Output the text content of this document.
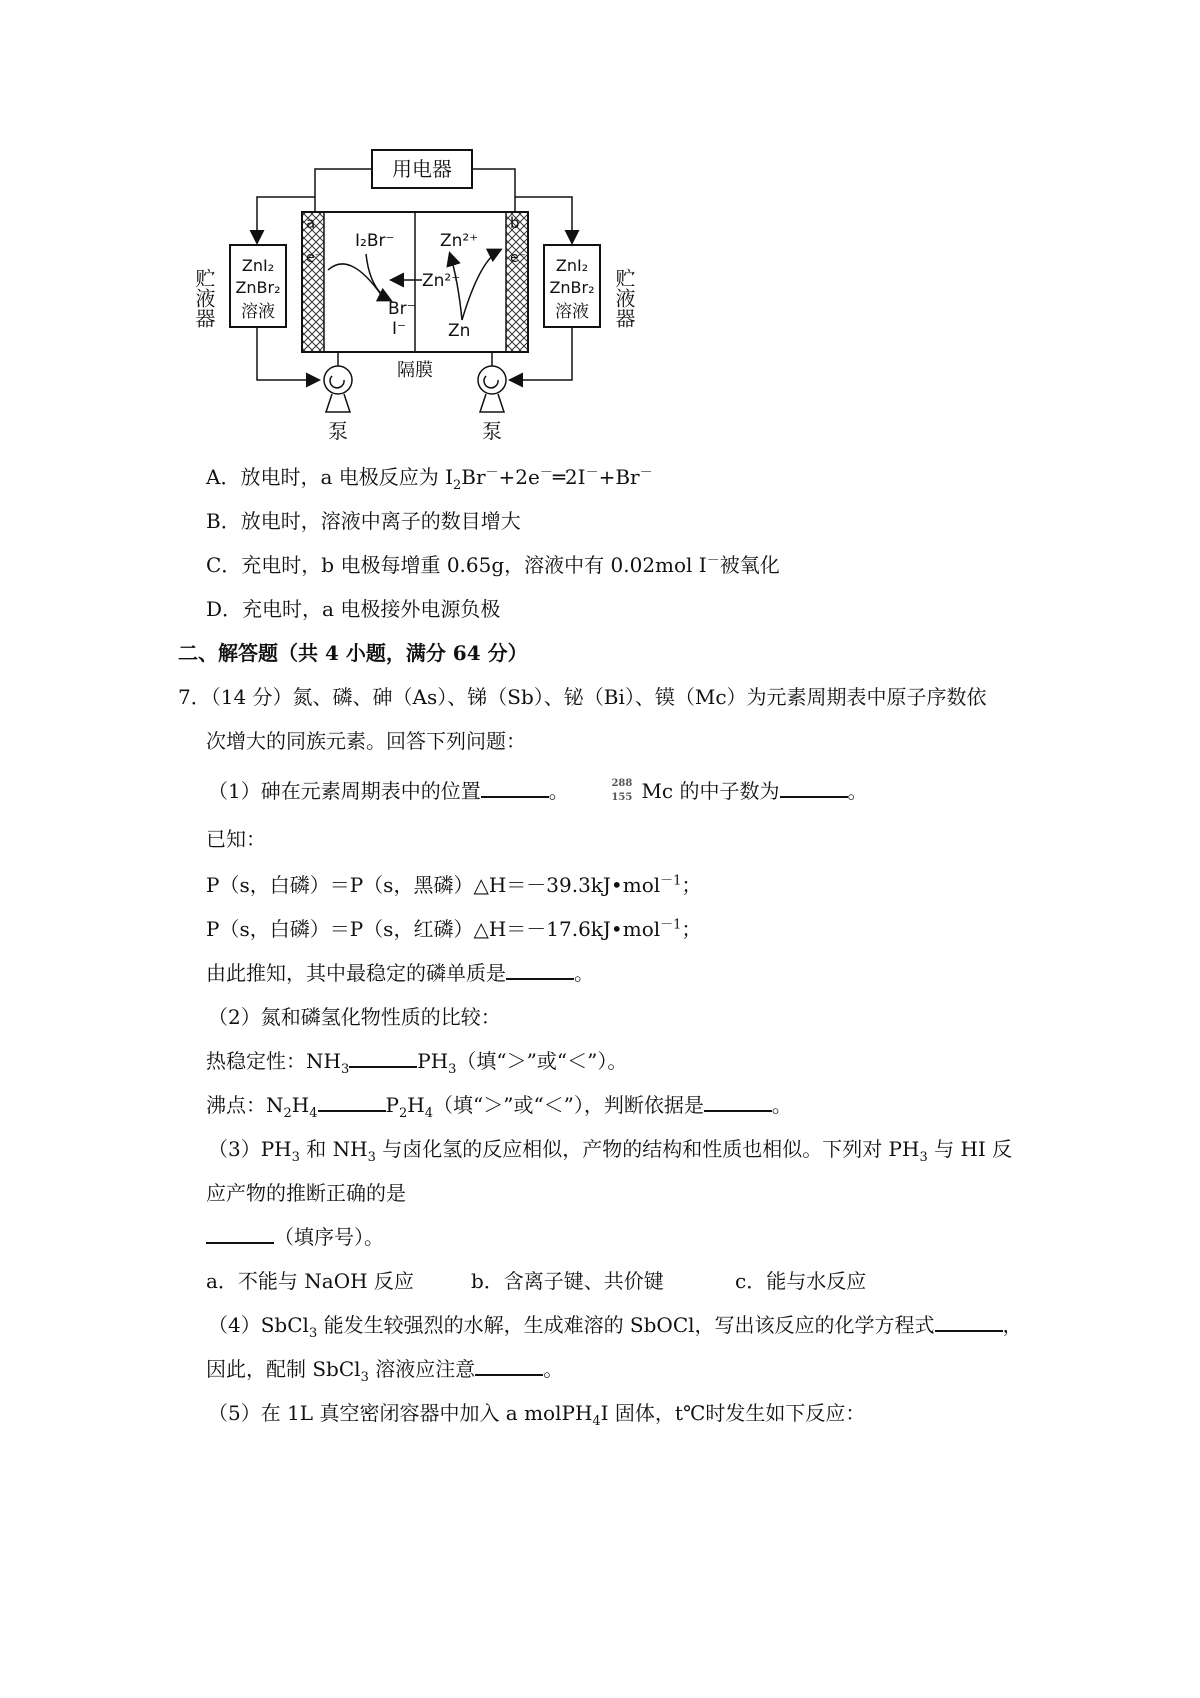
用电器
a	b
e⁻	e⁻
I₂Br⁻
Br⁻
I⁻
Zn²⁺
Zn²⁺
Zn
ZnI₂
ZnBr₂
溶液
ZnI₂
ZnBr₂
溶液
贮液器	贮液器
泵	泵
隔膜
A．放电时，a 电极反应为 $I_2Br^-+2e^-═2I^-+Br^-$
B．放电时，溶液中离子的数目增大
C．充电时，b 电极每增重 0.65g，溶液中有 0.02mol I－被氧化
D．充电时，a 电极接外电源负极
二、解答题（共 4 小题，满分 64 分）
7．（14 分）氮、磷、砷（As）、锑（Sb）、铋（Bi）、镆（Mc）为元素周期表中原子序数依
次增大的同族元素。回答下列问题：
（1）砷在元素周期表中的位置	。	288
155 Mc 的中子数为	。
已知：
P（s，白磷）＝P（s，黑磷）△H＝－39.3kJ•mol$^{-1}$；
P（s，白磷）＝P（s，红磷）△H＝－17.6kJ•mol$^{-1}$；
由此推知，其中最稳定的磷单质是	。
（2）氮和磷氢化物性质的比较：
热稳定性：$NH_3$	$PH_3$（填“＞”或“＜”）。
沸点：$N_2H_4$	$P_2H_4$（填“＞”或“＜”），判断依据是	。
$(3)PH_3$ 和 $NH_3$ 与卤化氢的反应相似，产物的结构和性质也相似。下列对 $PH_3$ 与 HI 反
应产物的推断正确的是
（填序号）。
a．不能与 NaOH 反应	b．含离子键、共价键	c．能与水反应
（4）SbCl$_3$ 能发生较强烈的水解，生成难溶的 SbOCl，写出该反应的化学方程式	，
因此，配制 SbCl$_3$ 溶液应注意	。
（5）在 1L 真空密闭容器中加入 a molPH$_4$I 固体，t℃时发生如下反应：
